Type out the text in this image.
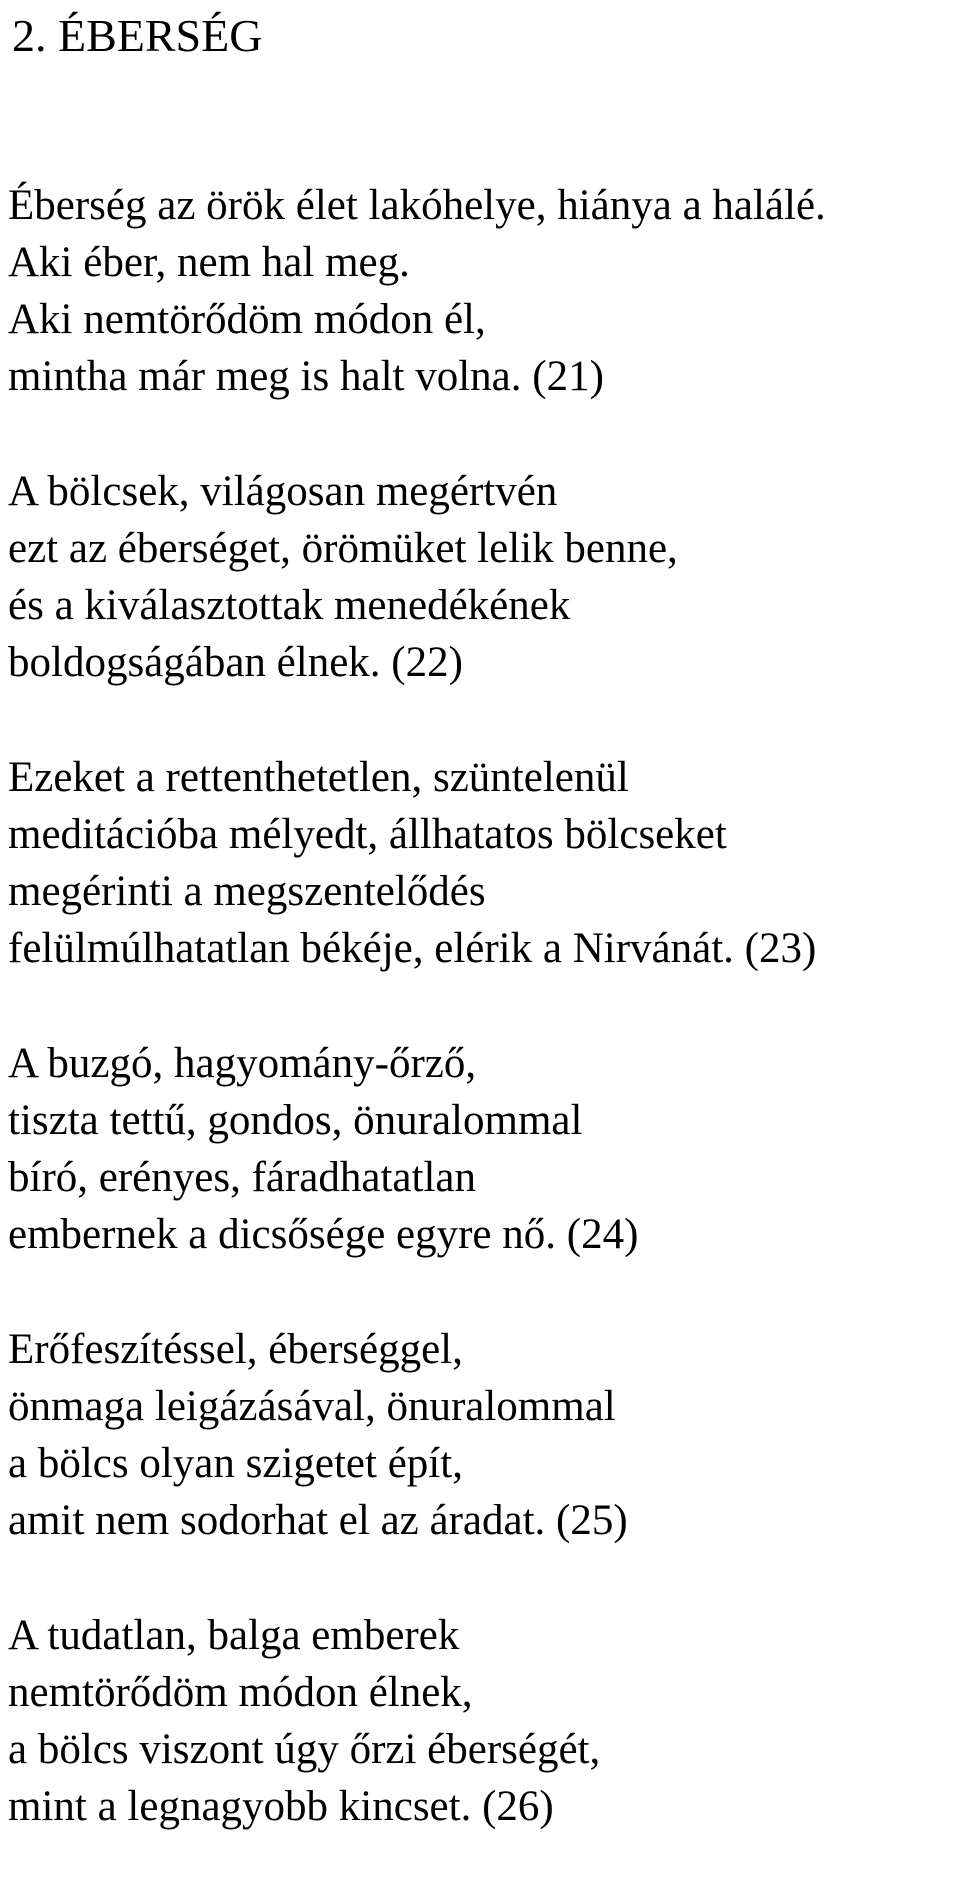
2. ÉBERSÉG
Éberség az örök élet lakóhelye, hiánya a halálé.
Aki éber, nem hal meg.
Aki nemtörődöm módon él,
mintha már meg is halt volna. (21)
A bölcsek, világosan megértvén
ezt az éberséget, örömüket lelik benne,
és a kiválasztottak menedékének
boldogságában élnek. (22)
Ezeket a rettenthetetlen, szüntelenül
meditációba mélyedt, állhatatos bölcseket
megérinti a megszentelődés
felülmúlhatatlan békéje, elérik a Nirvánát. (23)
A buzgó, hagyomány-őrző,
tiszta tettű, gondos, önuralommal
bíró, erényes, fáradhatatlan
embernek a dicsősége egyre nő. (24)
Erőfeszítéssel, éberséggel,
önmaga leigázásával, önuralommal
a bölcs olyan szigetet épít,
amit nem sodorhat el az áradat. (25)
A tudatlan, balga emberek
nemtörődöm módon élnek,
a bölcs viszont úgy őrzi éberségét,
mint a legnagyobb kincset. (26)
